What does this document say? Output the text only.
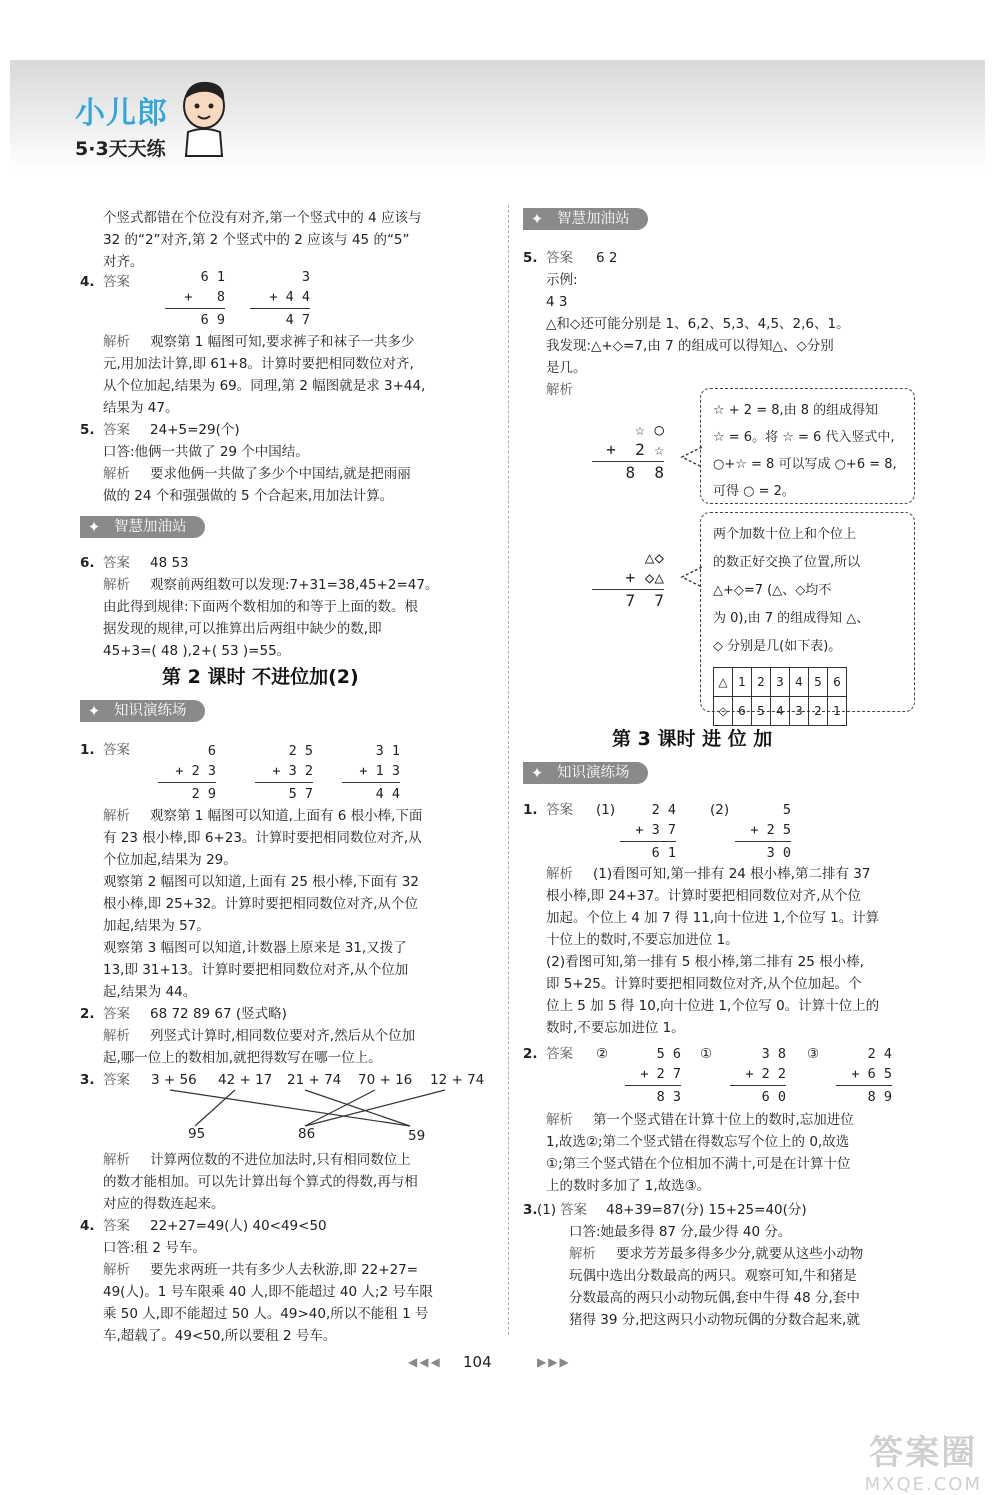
小儿郎
5·3天天练
个竖式都错在个位没有对齐,第一个竖式中的 4 应该与
32 的“2”对齐,第 2 个竖式中的 2 应该与 45 的“5”
对齐。
4. 答案	6 1
+   8
6 9
3
+ 4 4
4 7
解析 观察第 1 幅图可知,要求裤子和袜子一共多少
元,用加法计算,即 61+8。计算时要把相同数位对齐,
从个位加起,结果为 69。同理,第 2 幅图就是求 3+44,
结果为 47。
5. 答案 24+5=29(个)
口答:他俩一共做了 29 个中国结。
解析 要求他俩一共做了多少个中国结,就是把雨丽
做的 24 个和强强做的 5 个合起来,用加法计算。
✦ 智慧加油站
6. 答案 48 53
解析 观察前两组数可以发现:7+31=38,45+2=47。
由此得到规律:下面两个数相加的和等于上面的数。根
据发现的规律,可以推算出后两组中缺少的数,即
45+3=( 48 ),2+( 53 )=55。
第 2 课时 不进位加(2)
✦ 知识演练场
1. 答案	6
+ 2 3
2 9
2 5
+ 3 2
5 7
3 1
+ 1 3
4 4
解析 观察第 1 幅图可以知道,上面有 6 根小棒,下面
有 23 根小棒,即 6+23。计算时要把相同数位对齐,从
个位加起,结果为 29。
观察第 2 幅图可以知道,上面有 25 根小棒,下面有 32
根小棒,即 25+32。计算时要把相同数位对齐,从个位
加起,结果为 57。
观察第 3 幅图可以知道,计数器上原来是 31,又拨了
13,即 31+13。计算时要把相同数位对齐,从个位加
起,结果为 44。
2. 答案 68 72 89 67 (竖式略)
解析 列竖式计算时,相同数位要对齐,然后从个位加
起,哪一位上的数相加,就把得数写在哪一位上。
3. 答案 3 + 56 42 + 17 21 + 74 70 + 16 12 + 74
95	86	59
解析 计算两位数的不进位加法时,只有相同数位上
的数才能相加。可以先计算出每个算式的得数,再与相
对应的得数连起来。
4. 答案 22+27=49(人) 40<49<50
口答:租 2 号车。
解析 要先求两班一共有多少人去秋游,即 22+27=
49(人)。1 号车限乘 40 人,即不能超过 40 人;2 号车限
乘 50 人,即不能超过 50 人。49>40,所以不能租 1 号
车,超载了。49<50,所以要租 2 号车。
✦ 智慧加油站
5. 答案 6 2
示例:
4 3
△和◇还可能分别是 1、6,2、5,3、4,5、2,6、1。
我发现:△+◇=7,由 7 的组成可以得知△、◇分别
是几。
解析
☆ ○
+  2 ☆
8  8
☆ + 2 = 8,由 8 的组成得知
☆ = 6。将 ☆ = 6 代入竖式中,
○+☆ = 8 可以写成 ○+6 = 8,
可得 ○ = 2。
△◇
+ ◇△
7  7
两个加数十位上和个位上
的数正好交换了位置,所以
△+◇=7 (△、◇均不
为 0),由 7 的组成得知 △、
◇ 分别是几(如下表)。
△	1	2	3	4	5	6
◇	6	5	4	3	2	1
第 3 课时 进 位 加
✦ 知识演练场
1. 答案 (1)	2 4
+ 3 7
6 1
(2)	5
+ 2 5
3 0
解析 (1)看图可知,第一排有 24 根小棒,第二排有 37
根小棒,即 24+37。计算时要把相同数位对齐,从个位
加起。个位上 4 加 7 得 11,向十位进 1,个位写 1。计算
十位上的数时,不要忘加进位 1。
(2)看图可知,第一排有 5 根小棒,第二排有 25 根小棒,
即 5+25。计算时要把相同数位对齐,从个位加起。个
位上 5 加 5 得 10,向十位进 1,个位写 0。计算十位上的
数时,不要忘加进位 1。
2. 答案 ②	5 6
+ 2 7
8 3
①	3 8
+ 2 2
6 0
③	2 4
+ 6 5
8 9
解析 第一个竖式错在计算十位上的数时,忘加进位
1,故选②;第二个竖式错在得数忘写个位上的 0,故选
①;第三个竖式错在个位相加不满十,可是在计算十位
上的数时多加了 1,故选③。
3. (1) 答案 48+39=87(分) 15+25=40(分)
口答:她最多得 87 分,最少得 40 分。
解析 要求芳芳最多得多少分,就要从这些小动物
玩偶中选出分数最高的两只。观察可知,牛和猪是
分数最高的两只小动物玩偶,套中牛得 48 分,套中
猪得 39 分,把这两只小动物玩偶的分数合起来,就
◀◀◀ 104	▶▶▶
答案圈
MXQE.COM
